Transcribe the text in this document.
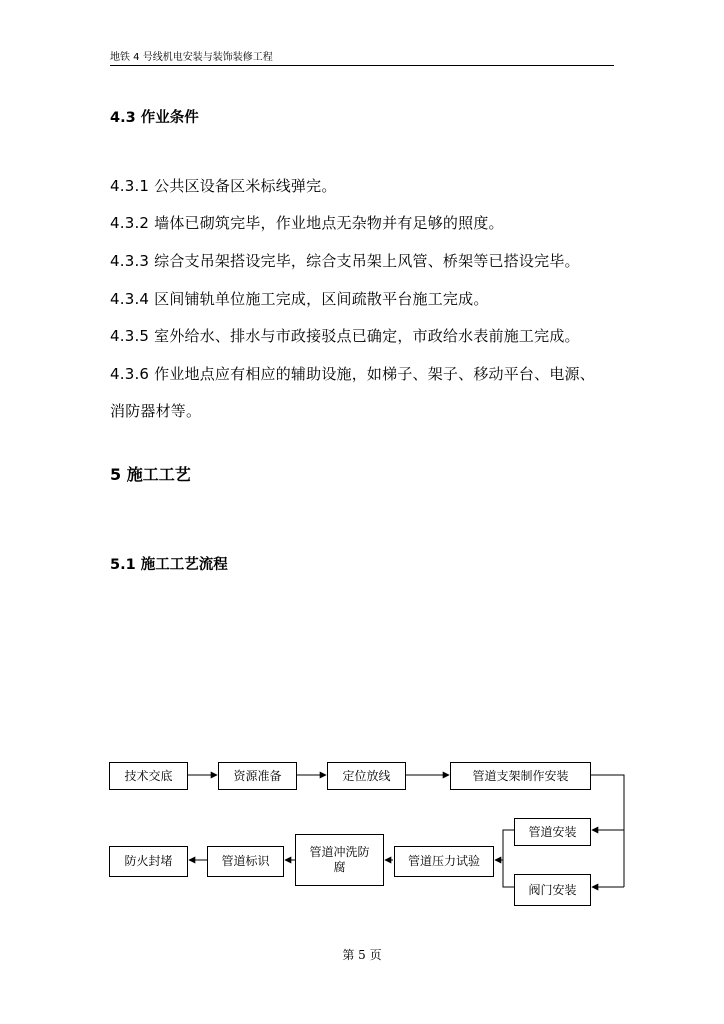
地铁 4 号线机电安装与装饰装修工程
4.3 作业条件
4.3.1 公共区设备区米标线弹完。
4.3.2 墙体已砌筑完毕，作业地点无杂物并有足够的照度。
4.3.3 综合支吊架搭设完毕，综合支吊架上风管、桥架等已搭设完毕。
4.3.4 区间铺轨单位施工完成，区间疏散平台施工完成。
4.3.5 室外给水、排水与市政接驳点已确定，市政给水表前施工完成。
4.3.6 作业地点应有相应的辅助设施，如梯子、架子、移动平台、电源、
消防器材等。
5 施工工艺
5.1 施工工艺流程
技术交底	资源准备	定位放线	管道支架制作安装
管道安装
阀门安装
管道压力试验
管道冲洗防腐
管道标识
防火封堵
第 5 页
